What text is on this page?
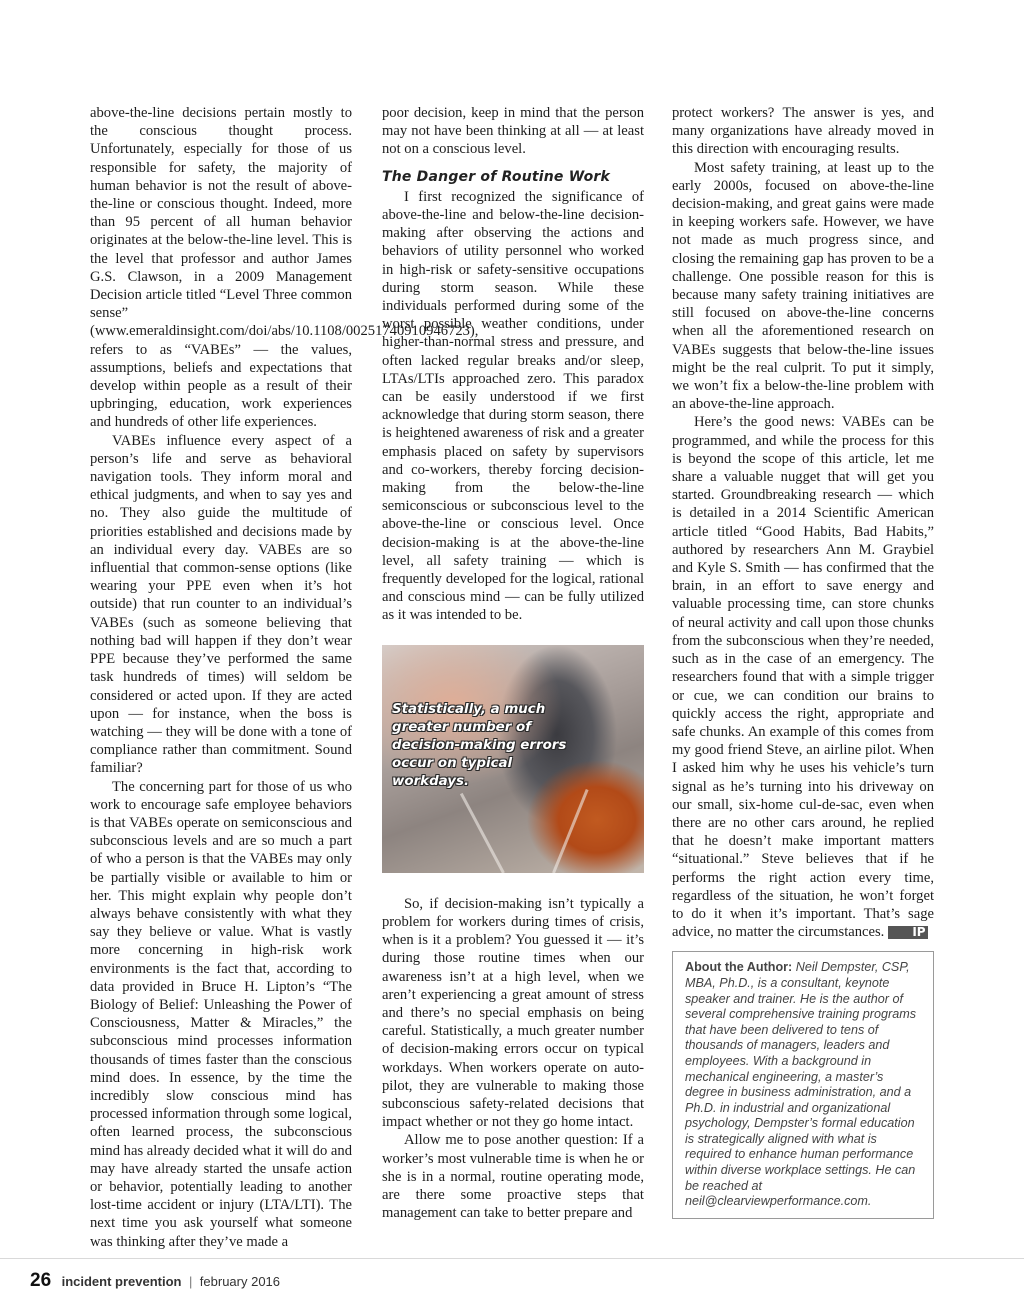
above-the-line decisions pertain mostly to the conscious thought process. Unfortunately, especially for those of us responsible for safety, the majority of human behavior is not the result of above-the-line or conscious thought. Indeed, more than 95 percent of all human behavior originates at the below-the-line level. This is the level that professor and author James G.S. Clawson, in a 2009 Management Decision article titled “Level Three common sense” (www.emeraldinsight.com/doi/abs/10.1108/00251740910946723), refers to as “VABEs” — the values, assumptions, beliefs and expectations that develop within people as a result of their upbringing, education, work experiences and hundreds of other life experiences.

VABEs influence every aspect of a person’s life and serve as behavioral navigation tools. They inform moral and ethical judgments, and when to say yes and no. They also guide the multitude of priorities established and decisions made by an individual every day. VABEs are so influential that common-sense options (like wearing your PPE even when it’s hot outside) that run counter to an individual’s VABEs (such as someone believing that nothing bad will happen if they don’t wear PPE because they’ve performed the same task hundreds of times) will seldom be considered or acted upon. If they are acted upon — for instance, when the boss is watching — they will be done with a tone of compliance rather than commitment. Sound familiar?

The concerning part for those of us who work to encourage safe employee behaviors is that VABEs operate on semiconscious and subconscious levels and are so much a part of who a person is that the VABEs may only be partially visible or available to him or her. This might explain why people don’t always behave consistently with what they say they believe or value. What is vastly more concerning in high-risk work environments is the fact that, according to data provided in Bruce H. Lipton’s “The Biology of Belief: Unleashing the Power of Consciousness, Matter & Miracles,” the subconscious mind processes information thousands of times faster than the conscious mind does. In essence, by the time the incredibly slow conscious mind has processed information through some logical, often learned process, the subconscious mind has already decided what it will do and may have already started the unsafe action or behavior, potentially leading to another lost-time accident or injury (LTA/LTI). The next time you ask yourself what someone was thinking after they’ve made a

poor decision, keep in mind that the person may not have been thinking at all — at least not on a conscious level.

The Danger of Routine Work

I first recognized the significance of above-the-line and below-the-line decision-making after observing the actions and behaviors of utility personnel who worked in high-risk or safety-sensitive occupations during storm season. While these individuals performed during some of the worst possible weather conditions, under higher-than-normal stress and pressure, and often lacked regular breaks and/or sleep, LTAs/LTIs approached zero. This paradox can be easily understood if we first acknowledge that during storm season, there is heightened awareness of risk and a greater emphasis placed on safety by supervisors and co-workers, thereby forcing decision-making from the below-the-line semiconscious or subconscious level to the above-the-line or conscious level. Once decision-making is at the above-the-line level, all safety training — which is frequently developed for the logical, rational and conscious mind — can be fully utilized as it was intended to be.

Statistically, a much greater number of decision-making errors occur on typical workdays.

So, if decision-making isn’t typically a problem for workers during times of crisis, when is it a problem? You guessed it — it’s during those routine times when our awareness isn’t at a high level, when we aren’t experiencing a great amount of stress and there’s no special emphasis on being careful. Statistically, a much greater number of decision-making errors occur on typical workdays. When workers operate on auto-pilot, they are vulnerable to making those subconscious safety-related decisions that impact whether or not they go home intact.

Allow me to pose another question: If a worker’s most vulnerable time is when he or she is in a normal, routine operating mode, are there some proactive steps that management can take to better prepare and

protect workers? The answer is yes, and many organizations have already moved in this direction with encouraging results.

Most safety training, at least up to the early 2000s, focused on above-the-line decision-making, and great gains were made in keeping workers safe. However, we have not made as much progress since, and closing the remaining gap has proven to be a challenge. One possible reason for this is because many safety training initiatives are still focused on above-the-line concerns when all the aforementioned research on VABEs suggests that below-the-line issues might be the real culprit. To put it simply, we won’t fix a below-the-line problem with an above-the-line approach.

Here’s the good news: VABEs can be programmed, and while the process for this is beyond the scope of this article, let me share a valuable nugget that will get you started. Groundbreaking research — which is detailed in a 2014 Scientific American article titled “Good Habits, Bad Habits,” authored by researchers Ann M. Graybiel and Kyle S. Smith — has confirmed that the brain, in an effort to save energy and valuable processing time, can store chunks of neural activity and call upon those chunks from the subconscious when they’re needed, such as in the case of an emergency. The researchers found that with a simple trigger or cue, we can condition our brains to quickly access the right, appropriate and safe chunks. An example of this comes from my good friend Steve, an airline pilot. When I asked him why he uses his vehicle’s turn signal as he’s turning into his driveway on our small, six-home cul-de-sac, even when there are no other cars around, he replied that he doesn’t make important matters “situational.” Steve believes that if he performs the right action every time, regardless of the situation, he won’t forget to do it when it’s important. That’s sage advice, no matter the circumstances. IP

About the Author: Neil Dempster, CSP, MBA, Ph.D., is a consultant, keynote speaker and trainer. He is the author of several comprehensive training programs that have been delivered to tens of thousands of managers, leaders and employees. With a background in mechanical engineering, a master’s degree in business administration, and a Ph.D. in industrial and organizational psychology, Dempster’s formal education is strategically aligned with what is required to enhance human performance within diverse workplace settings. He can be reached at neil@clearviewperformance.com.
26 incident prevention | february 2016
